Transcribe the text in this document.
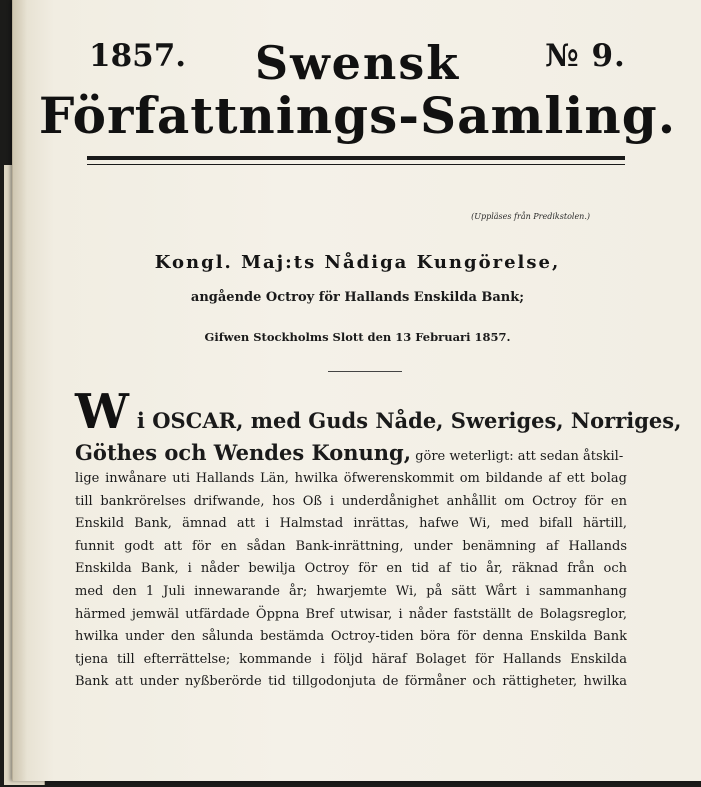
1857.	Swensk	№ 9.
Författnings-Samling.
(Uppläses från Predikstolen.)
Kongl. Maj:ts Nådiga Kungörelse,
angående Octroy för Hallands Enskilda Bank;
Gifwen Stockholms Slott den 13 Februari 1857.
W i OSCAR, med Guds Nåde, Sweriges, Norriges,
Göthes och Wendes Konung, göre weterligt: att sedan åtskil-
lige inwånare uti Hallands Län, hwilka öfwerenskommit om bildande af ett bolag
till bankrörelses drifwande, hos Oß i underdånighet anhållit om Octroy för en
Enskild Bank, ämnad att i Halmstad inrättas, hafwe Wi, med bifall härtill,
funnit godt att för en sådan Bank-inrättning, under benämning af Hallands
Enskilda Bank, i nåder bewilja Octroy för en tid af tio år, räknad från och
med den 1 Juli innewarande år; hwarjemte Wi, på sätt Wårt i sammanhang
härmed jemwäl utfärdade Öppna Bref utwisar, i nåder fastställt de Bolagsreglor,
hwilka under den sålunda bestämda Octroy-tiden böra för denna Enskilda Bank
tjena till efterrättelse; kommande i följd häraf Bolaget för Hallands Enskilda
Bank att under nyßberörde tid tillgodonjuta de förmåner och rättigheter, hwilka
